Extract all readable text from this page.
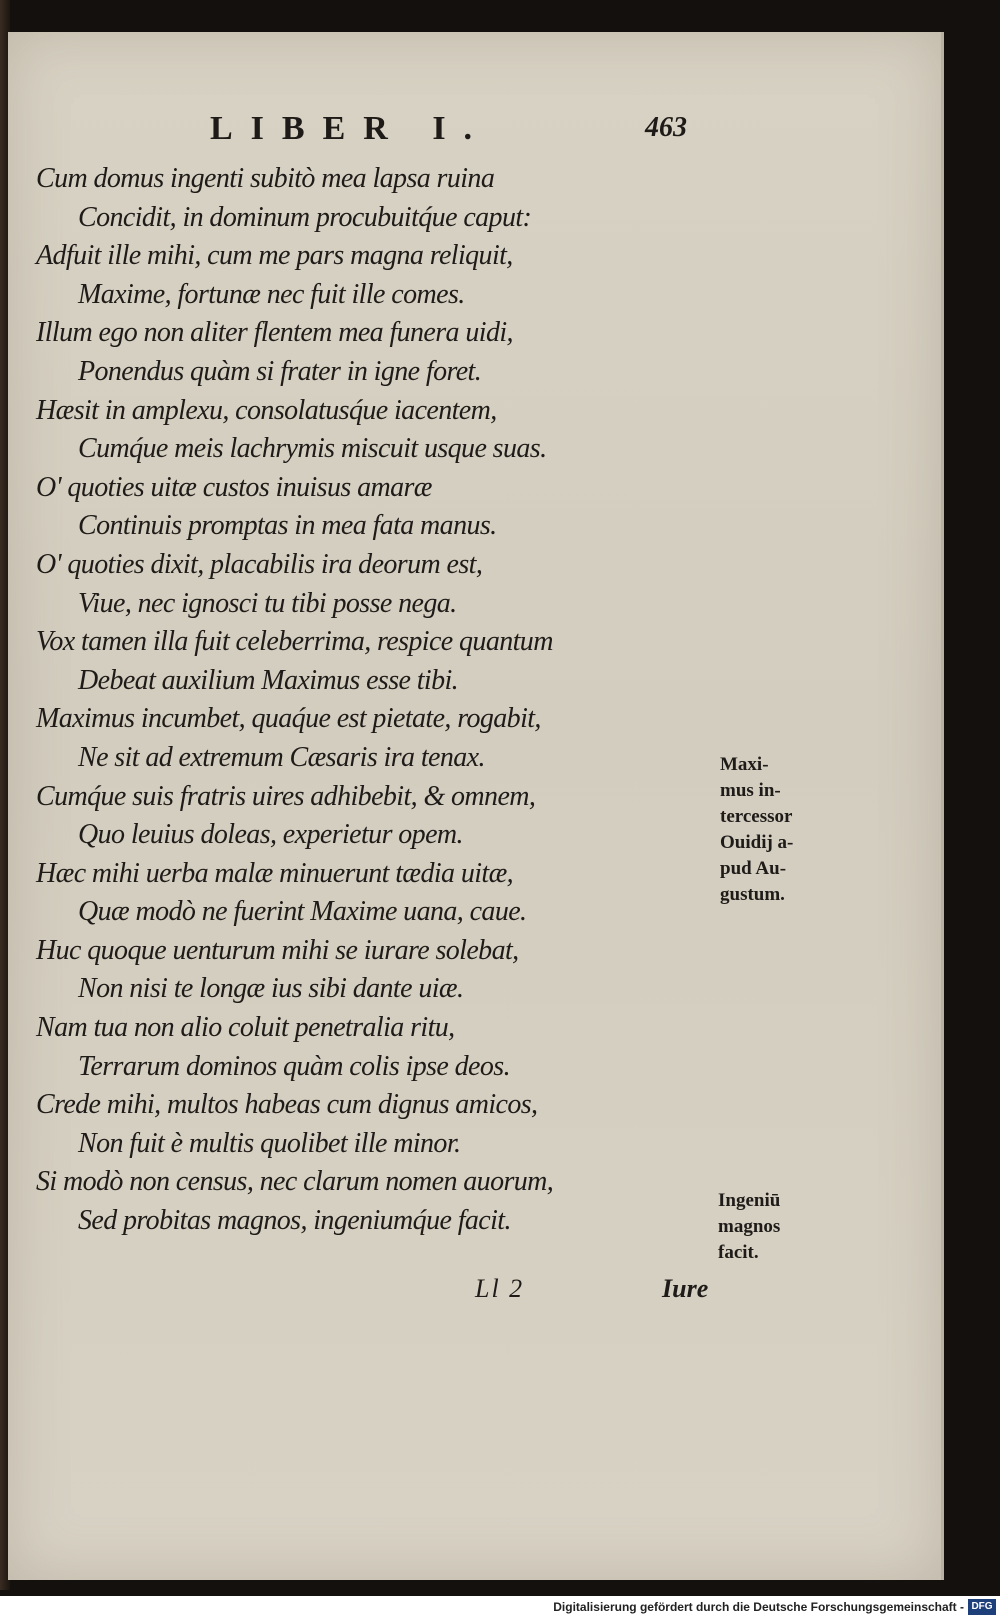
LIBER I.	463
Cum domus ingenti subitò mea lapsa ruina
Concidit, in dominum procubuitq́ue caput:
Adfuit ille mihi, cum me pars magna reliquit,
Maxime, fortunæ nec fuit ille comes.
Illum ego non aliter flentem mea funera uidi,
Ponendus quàm si frater in igne foret.
Hæsit in amplexu, consolatusq́ue iacentem,
Cumq́ue meis lachrymis miscuit usque suas.
O' quoties uitæ custos inuisus amaræ
Continuis promptas in mea fata manus.
O' quoties dixit, placabilis ira deorum est,
Viue, nec ignosci tu tibi posse nega.
Vox tamen illa fuit celeberrima, respice quantum
Debeat auxilium Maximus esse tibi.
Maximus incumbet, quaq́ue est pietate, rogabit,
Ne sit ad extremum Cæsaris ira tenax.
Cumq́ue suis fratris uires adhibebit, & omnem,
Quo leuius doleas, experietur opem.
Hæc mihi uerba malæ minuerunt tædia uitæ,
Quæ modò ne fuerint Maxime uana, caue.
Huc quoque uenturum mihi se iurare solebat,
Non nisi te longæ ius sibi dante uiæ.
Nam tua non alio coluit penetralia ritu,
Terrarum dominos quàm colis ipse deos.
Crede mihi, multos habeas cum dignus amicos,
Non fuit è multis quolibet ille minor.
Si modò non census, nec clarum nomen auorum,
Sed probitas magnos, ingeniumq́ue facit.
Maxi-
mus in-
tercessor
Ouidij a-
pud Au-
gustum.
Ingeniū
magnos
facit.
Ll 2	Iure
Digitalisierung gefördert durch die Deutsche Forschungsgemeinschaft - DFG
